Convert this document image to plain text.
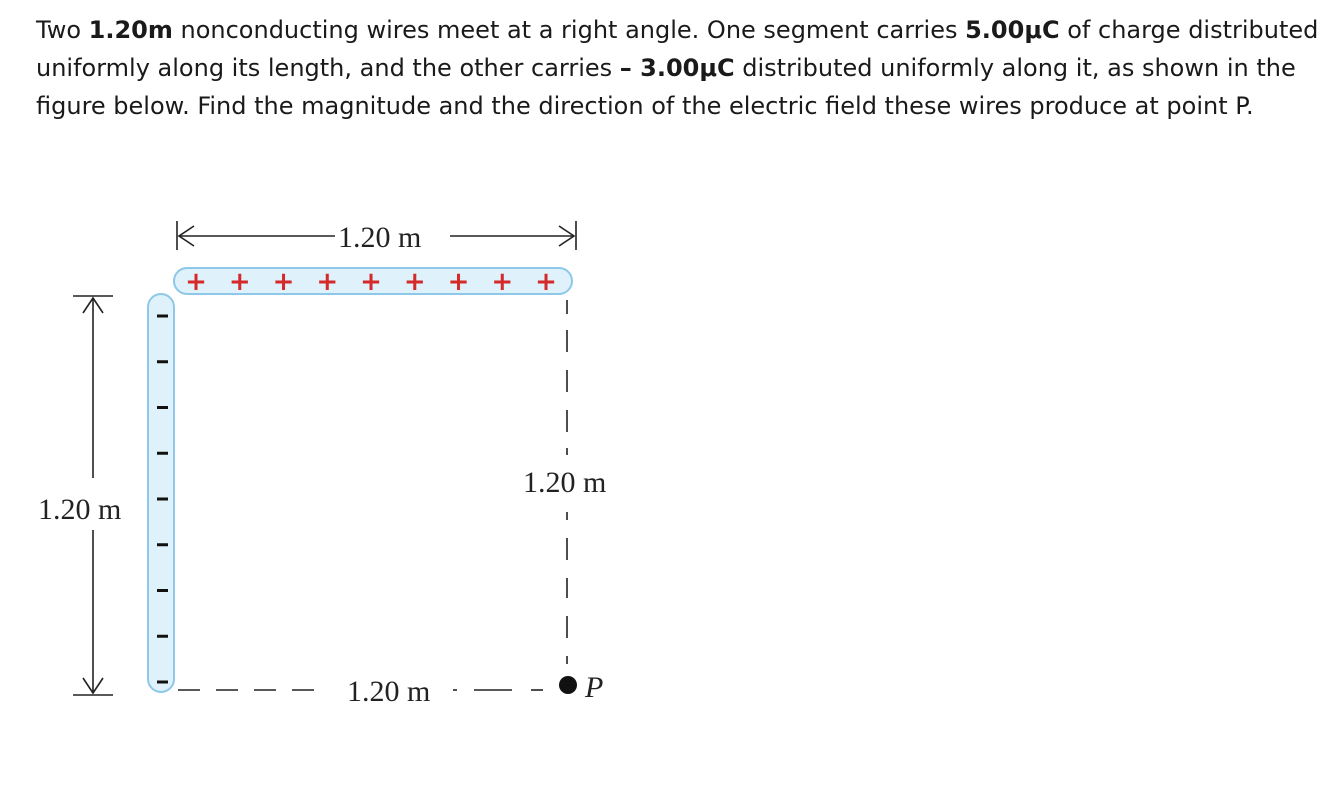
Two 1.20m nonconducting wires meet at a right angle. One segment carries 5.00μC of charge distributed uniformly along its length, and the other carries – 3.00μC distributed uniformly along it, as shown in the figure below. Find the magnitude and the direction of the electric field these wires produce at point P.

1.20 m
+ + + + + + + + +
1.20 m
1.20 m
1.20 m	P
